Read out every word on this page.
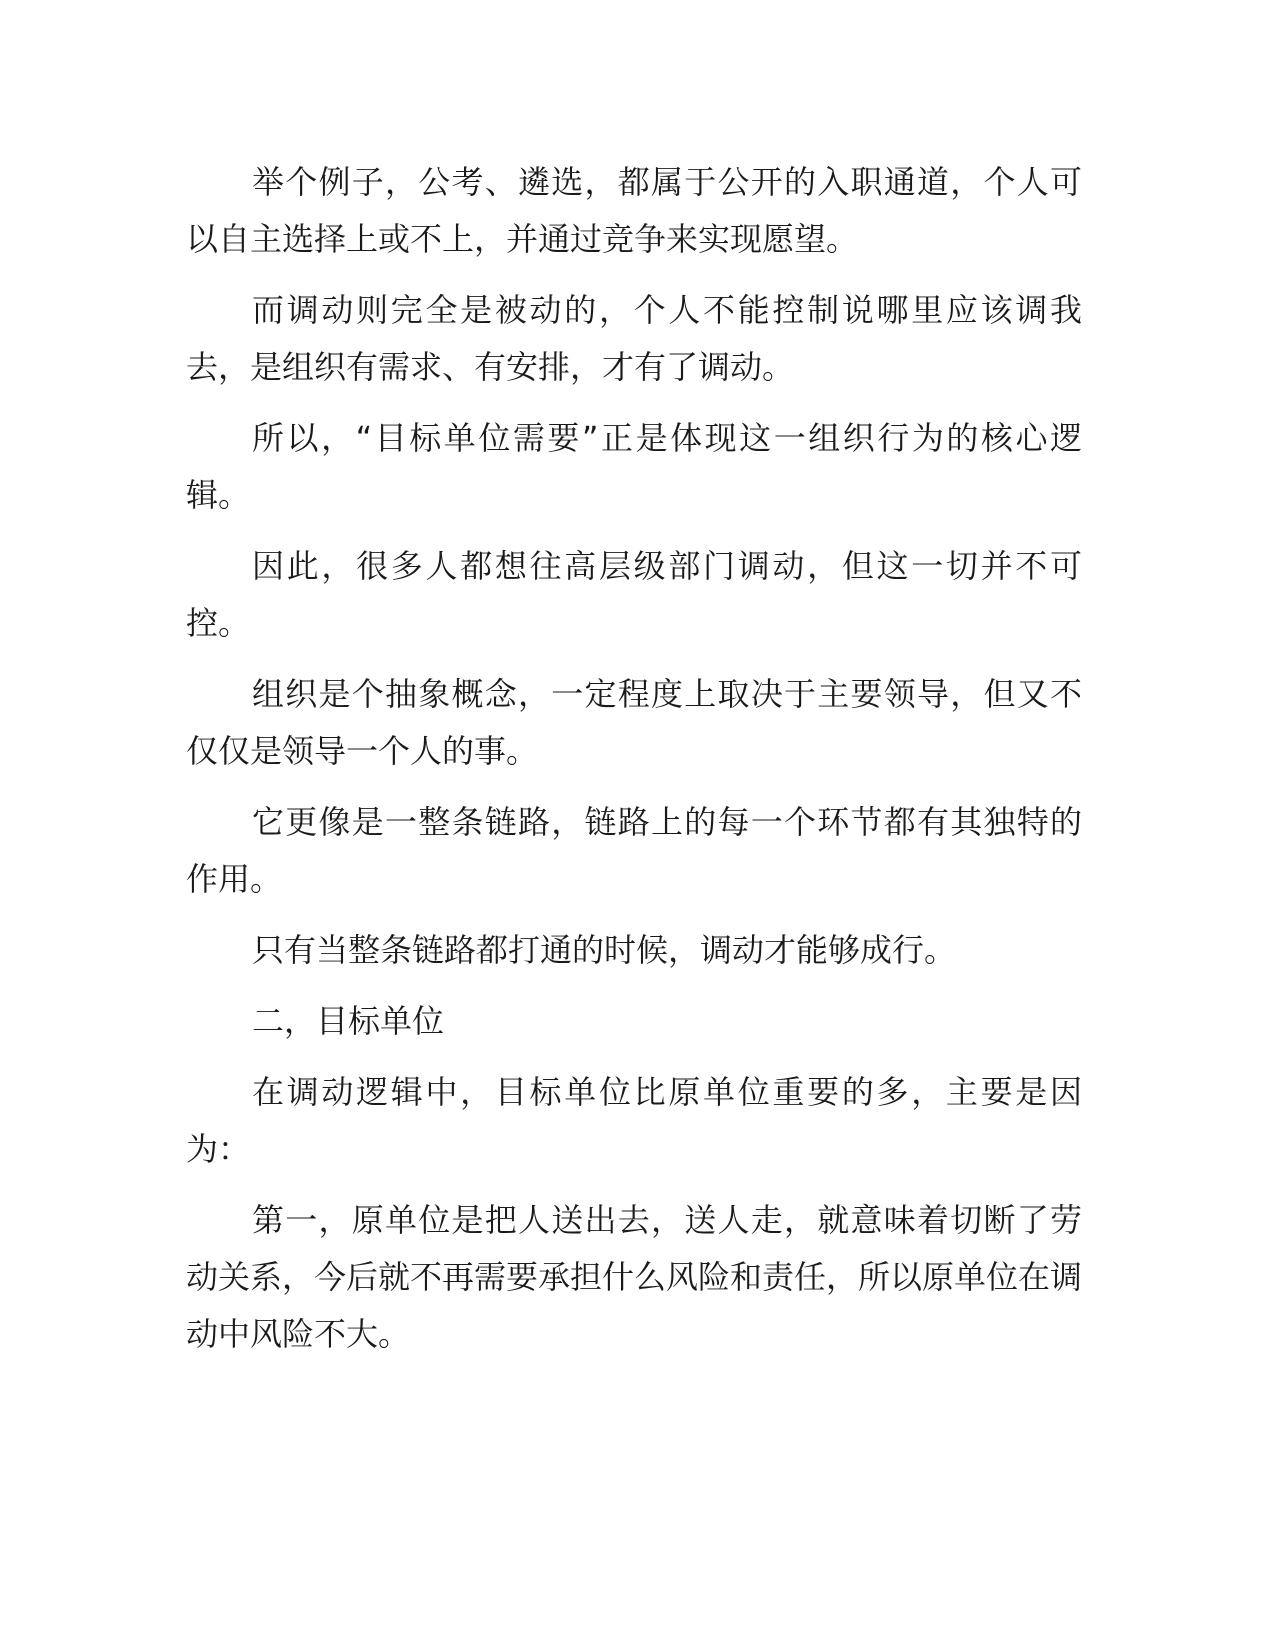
举个例子，公考、遴选，都属于公开的入职通道，个人可以自主选择上或不上，并通过竞争来实现愿望。

而调动则完全是被动的，个人不能控制说哪里应该调我去，是组织有需求、有安排，才有了调动。

所以，“目标单位需要”正是体现这一组织行为的核心逻辑。

因此，很多人都想往高层级部门调动，但这一切并不可控。

组织是个抽象概念，一定程度上取决于主要领导，但又不仅仅是领导一个人的事。

它更像是一整条链路，链路上的每一个环节都有其独特的作用。

只有当整条链路都打通的时候，调动才能够成行。

二，目标单位

在调动逻辑中，目标单位比原单位重要的多，主要是因为：

第一，原单位是把人送出去，送人走，就意味着切断了劳动关系，今后就不再需要承担什么风险和责任，所以原单位在调动中风险不大。
